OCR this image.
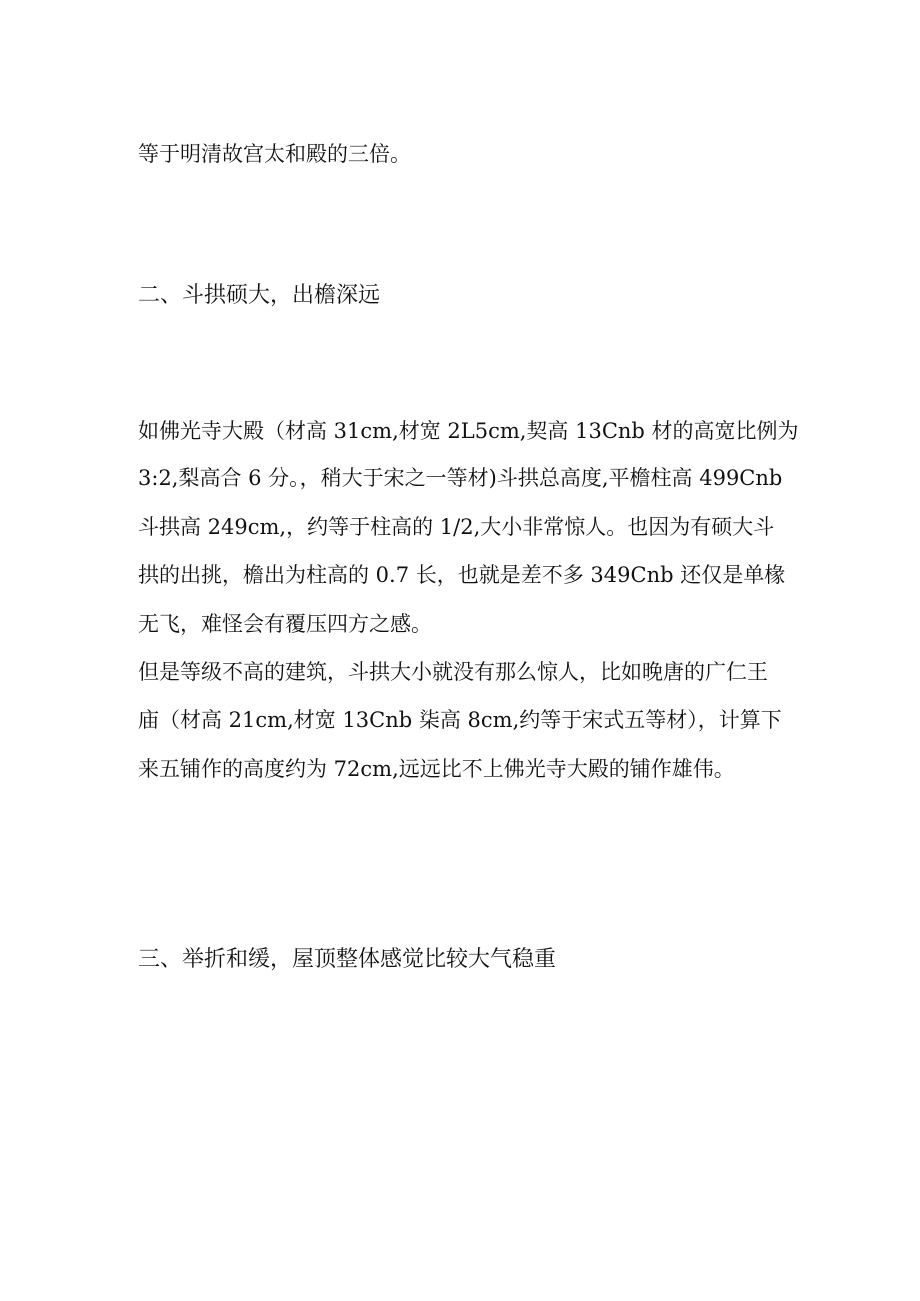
等于明清故宫太和殿的三倍。
二、斗拱硕大，出檐深远
如佛光寺大殿（材高 31cm,材宽 2L5cm,契高 13Cnb 材的高宽比例为
3:2,梨高合 6 分。，稍大于宋之一等材)斗拱总高度,平檐柱高 499Cnb
斗拱高 249cm,，约等于柱高的 1/2,大小非常惊人。也因为有硕大斗
拱的出挑，檐出为柱高的 0.7 长，也就是差不多 349Cnb 还仅是单椽
无飞，难怪会有覆压四方之感。
但是等级不高的建筑，斗拱大小就没有那么惊人，比如晚唐的广仁王
庙（材高 21cm,材宽 13Cnb 柒高 8cm,约等于宋式五等材），计算下
来五铺作的高度约为 72cm,远远比不上佛光寺大殿的铺作雄伟。
三、举折和缓，屋顶整体感觉比较大气稳重
